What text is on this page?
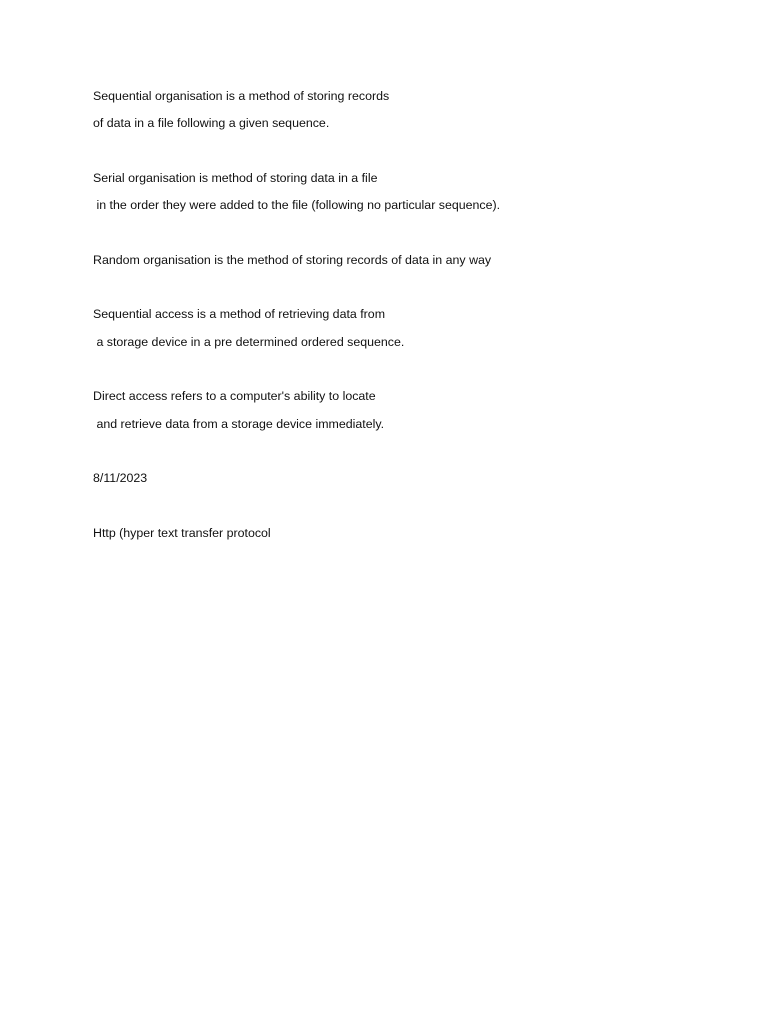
Sequential organisation is a method of storing records
of data in a file following a given sequence.
Serial organisation is method of storing data in a file
in the order they were added to the file (following no particular sequence).
Random organisation is the method of storing records of data in any way
Sequential access is a method of retrieving data from
a storage device in a pre determined ordered sequence.
Direct access refers to a computer's ability to locate
and retrieve data from a storage device immediately.
8/11/2023
Http (hyper text transfer protocol
